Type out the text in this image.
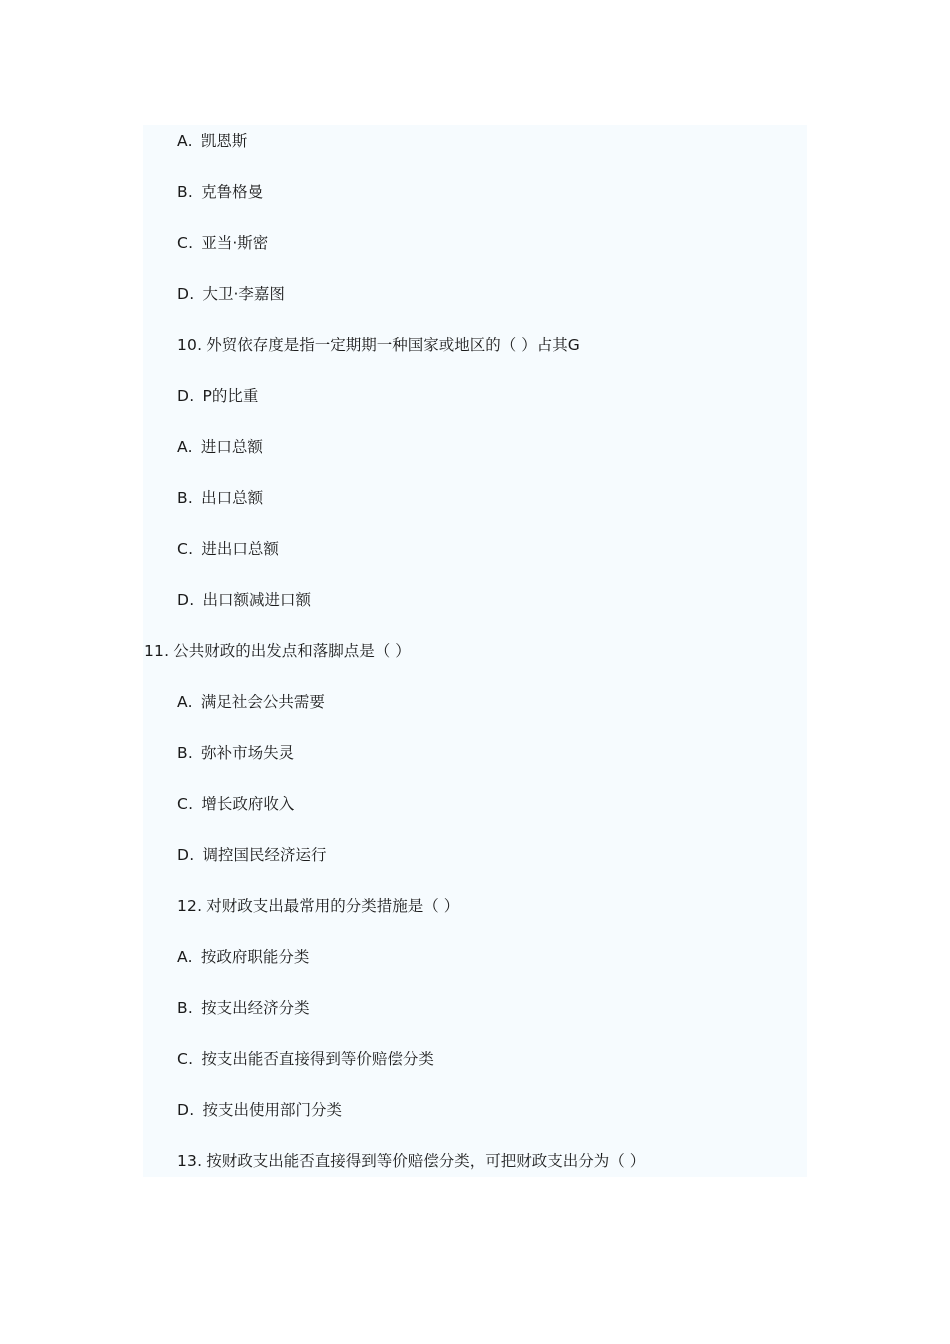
A. 凯恩斯
B. 克鲁格曼
C. 亚当·斯密
D. 大卫·李嘉图
10. 外贸依存度是指一定期期一种国家或地区的（ ）占其G
D. P的比重
A. 进口总额
B. 出口总额
C. 进出口总额
D. 出口额减进口额
11. 公共财政的出发点和落脚点是（ ）
A. 满足社会公共需要
B. 弥补市场失灵
C. 增长政府收入
D. 调控国民经济运行
12. 对财政支出最常用的分类措施是（ ）
A. 按政府职能分类
B. 按支出经济分类
C. 按支出能否直接得到等价赔偿分类
D. 按支出使用部门分类
13. 按财政支出能否直接得到等价赔偿分类，可把财政支出分为（ ）
